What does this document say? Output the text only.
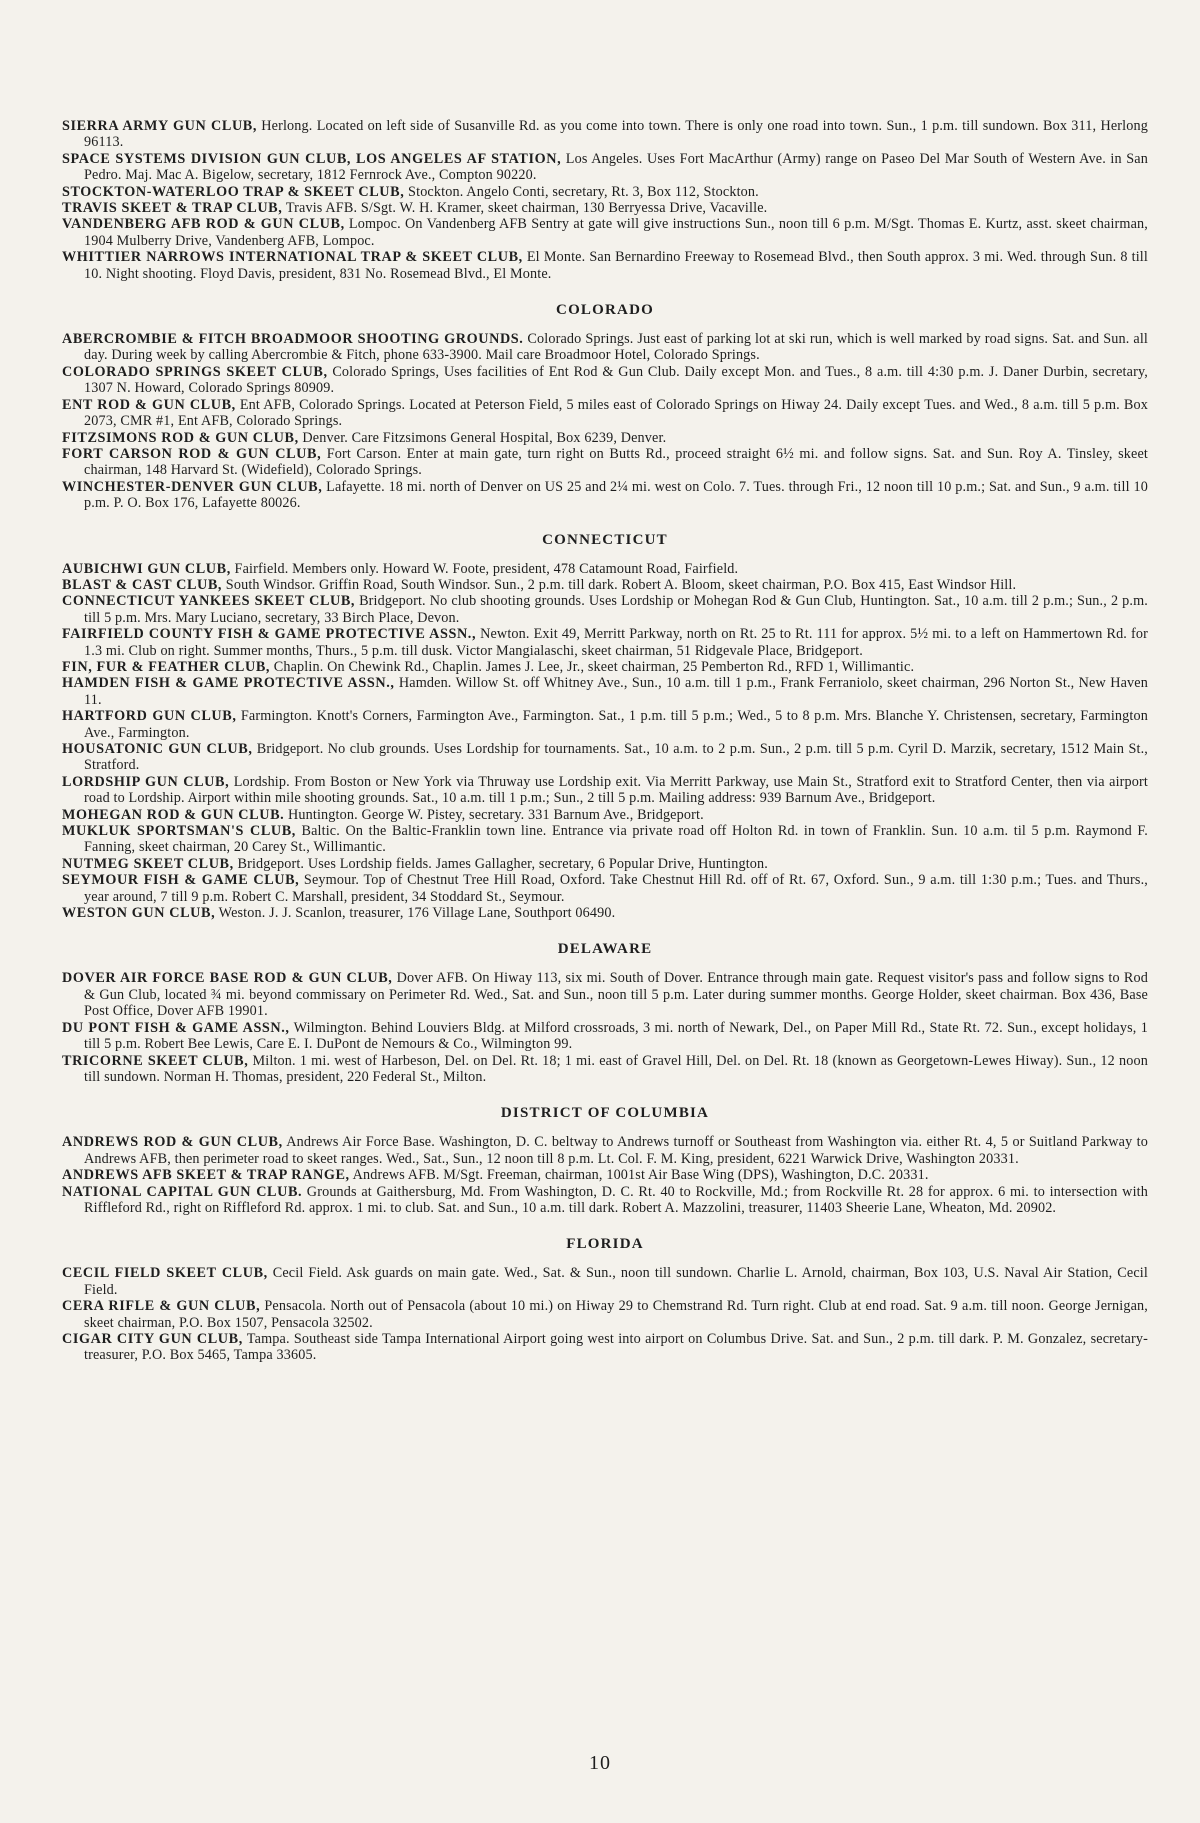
SIERRA ARMY GUN CLUB, Herlong. Located on left side of Susanville Rd. as you come into town. There is only one road into town. Sun., 1 p.m. till sundown. Box 311, Herlong 96113.

SPACE SYSTEMS DIVISION GUN CLUB, LOS ANGELES AF STATION, Los Angeles. Uses Fort MacArthur (Army) range on Paseo Del Mar South of Western Ave. in San Pedro. Maj. Mac A. Bigelow, secretary, 1812 Fernrock Ave., Compton 90220.

STOCKTON-WATERLOO TRAP & SKEET CLUB, Stockton. Angelo Conti, secretary, Rt. 3, Box 112, Stockton.

TRAVIS SKEET & TRAP CLUB, Travis AFB. S/Sgt. W. H. Kramer, skeet chairman, 130 Berryessa Drive, Vacaville.

VANDENBERG AFB ROD & GUN CLUB, Lompoc. On Vandenberg AFB Sentry at gate will give instructions Sun., noon till 6 p.m. M/Sgt. Thomas E. Kurtz, asst. skeet chairman, 1904 Mulberry Drive, Vandenberg AFB, Lompoc.

WHITTIER NARROWS INTERNATIONAL TRAP & SKEET CLUB, El Monte. San Bernardino Freeway to Rosemead Blvd., then South approx. 3 mi. Wed. through Sun. 8 till 10. Night shooting. Floyd Davis, president, 831 No. Rosemead Blvd., El Monte.

COLORADO

ABERCROMBIE & FITCH BROADMOOR SHOOTING GROUNDS. Colorado Springs. Just east of parking lot at ski run, which is well marked by road signs. Sat. and Sun. all day. During week by calling Abercrombie & Fitch, phone 633-3900. Mail care Broadmoor Hotel, Colorado Springs.

COLORADO SPRINGS SKEET CLUB, Colorado Springs, Uses facilities of Ent Rod & Gun Club. Daily except Mon. and Tues., 8 a.m. till 4:30 p.m. J. Daner Durbin, secretary, 1307 N. Howard, Colorado Springs 80909.

ENT ROD & GUN CLUB, Ent AFB, Colorado Springs. Located at Peterson Field, 5 miles east of Colorado Springs on Hiway 24. Daily except Tues. and Wed., 8 a.m. till 5 p.m. Box 2073, CMR #1, Ent AFB, Colorado Springs.

FITZSIMONS ROD & GUN CLUB, Denver. Care Fitzsimons General Hospital, Box 6239, Denver.

FORT CARSON ROD & GUN CLUB, Fort Carson. Enter at main gate, turn right on Butts Rd., proceed straight 6½ mi. and follow signs. Sat. and Sun. Roy A. Tinsley, skeet chairman, 148 Harvard St. (Widefield), Colorado Springs.

WINCHESTER-DENVER GUN CLUB, Lafayette. 18 mi. north of Denver on US 25 and 2¼ mi. west on Colo. 7. Tues. through Fri., 12 noon till 10 p.m.; Sat. and Sun., 9 a.m. till 10 p.m. P. O. Box 176, Lafayette 80026.

CONNECTICUT

AUBICHWI GUN CLUB, Fairfield. Members only. Howard W. Foote, president, 478 Catamount Road, Fairfield.

BLAST & CAST CLUB, South Windsor. Griffin Road, South Windsor. Sun., 2 p.m. till dark. Robert A. Bloom, skeet chairman, P.O. Box 415, East Windsor Hill.

CONNECTICUT YANKEES SKEET CLUB, Bridgeport. No club shooting grounds. Uses Lordship or Mohegan Rod & Gun Club, Huntington. Sat., 10 a.m. till 2 p.m.; Sun., 2 p.m. till 5 p.m. Mrs. Mary Luciano, secretary, 33 Birch Place, Devon.

FAIRFIELD COUNTY FISH & GAME PROTECTIVE ASSN., Newton. Exit 49, Merritt Parkway, north on Rt. 25 to Rt. 111 for approx. 5½ mi. to a left on Hammertown Rd. for 1.3 mi. Club on right. Summer months, Thurs., 5 p.m. till dusk. Victor Mangialaschi, skeet chairman, 51 Ridgevale Place, Bridgeport.

FIN, FUR & FEATHER CLUB, Chaplin. On Chewink Rd., Chaplin. James J. Lee, Jr., skeet chairman, 25 Pemberton Rd., RFD 1, Willimantic.

HAMDEN FISH & GAME PROTECTIVE ASSN., Hamden. Willow St. off Whitney Ave., Sun., 10 a.m. till 1 p.m., Frank Ferraniolo, skeet chairman, 296 Norton St., New Haven 11.

HARTFORD GUN CLUB, Farmington. Knott's Corners, Farmington Ave., Farmington. Sat., 1 p.m. till 5 p.m.; Wed., 5 to 8 p.m. Mrs. Blanche Y. Christensen, secretary, Farmington Ave., Farmington.

HOUSATONIC GUN CLUB, Bridgeport. No club grounds. Uses Lordship for tournaments. Sat., 10 a.m. to 2 p.m. Sun., 2 p.m. till 5 p.m. Cyril D. Marzik, secretary, 1512 Main St., Stratford.

LORDSHIP GUN CLUB, Lordship. From Boston or New York via Thruway use Lordship exit. Via Merritt Parkway, use Main St., Stratford exit to Stratford Center, then via airport road to Lordship. Airport within mile shooting grounds. Sat., 10 a.m. till 1 p.m.; Sun., 2 till 5 p.m. Mailing address: 939 Barnum Ave., Bridgeport.

MOHEGAN ROD & GUN CLUB. Huntington. George W. Pistey, secretary. 331 Barnum Ave., Bridgeport.

MUKLUK SPORTSMAN'S CLUB, Baltic. On the Baltic-Franklin town line. Entrance via private road off Holton Rd. in town of Franklin. Sun. 10 a.m. til 5 p.m. Raymond F. Fanning, skeet chairman, 20 Carey St., Willimantic.

NUTMEG SKEET CLUB, Bridgeport. Uses Lordship fields. James Gallagher, secretary, 6 Popular Drive, Huntington.

SEYMOUR FISH & GAME CLUB, Seymour. Top of Chestnut Tree Hill Road, Oxford. Take Chestnut Hill Rd. off of Rt. 67, Oxford. Sun., 9 a.m. till 1:30 p.m.; Tues. and Thurs., year around, 7 till 9 p.m. Robert C. Marshall, president, 34 Stoddard St., Seymour.

WESTON GUN CLUB, Weston. J. J. Scanlon, treasurer, 176 Village Lane, Southport 06490.

DELAWARE

DOVER AIR FORCE BASE ROD & GUN CLUB, Dover AFB. On Hiway 113, six mi. South of Dover. Entrance through main gate. Request visitor's pass and follow signs to Rod & Gun Club, located ¾ mi. beyond commissary on Perimeter Rd. Wed., Sat. and Sun., noon till 5 p.m. Later during summer months. George Holder, skeet chairman. Box 436, Base Post Office, Dover AFB 19901.

DU PONT FISH & GAME ASSN., Wilmington. Behind Louviers Bldg. at Milford crossroads, 3 mi. north of Newark, Del., on Paper Mill Rd., State Rt. 72. Sun., except holidays, 1 till 5 p.m. Robert Bee Lewis, Care E. I. DuPont de Nemours & Co., Wilmington 99.

TRICORNE SKEET CLUB, Milton. 1 mi. west of Harbeson, Del. on Del. Rt. 18; 1 mi. east of Gravel Hill, Del. on Del. Rt. 18 (known as Georgetown-Lewes Hiway). Sun., 12 noon till sundown. Norman H. Thomas, president, 220 Federal St., Milton.

DISTRICT OF COLUMBIA

ANDREWS ROD & GUN CLUB, Andrews Air Force Base. Washington, D. C. beltway to Andrews turnoff or Southeast from Washington via. either Rt. 4, 5 or Suitland Parkway to Andrews AFB, then perimeter road to skeet ranges. Wed., Sat., Sun., 12 noon till 8 p.m. Lt. Col. F. M. King, president, 6221 Warwick Drive, Washington 20331.

ANDREWS AFB SKEET & TRAP RANGE, Andrews AFB. M/Sgt. Freeman, chairman, 1001st Air Base Wing (DPS), Washington, D.C. 20331.

NATIONAL CAPITAL GUN CLUB. Grounds at Gaithersburg, Md. From Washington, D. C. Rt. 40 to Rockville, Md.; from Rockville Rt. 28 for approx. 6 mi. to intersection with Riffleford Rd., right on Riffleford Rd. approx. 1 mi. to club. Sat. and Sun., 10 a.m. till dark. Robert A. Mazzolini, treasurer, 11403 Sheerie Lane, Wheaton, Md. 20902.

FLORIDA

CECIL FIELD SKEET CLUB, Cecil Field. Ask guards on main gate. Wed., Sat. & Sun., noon till sundown. Charlie L. Arnold, chairman, Box 103, U.S. Naval Air Station, Cecil Field.

CERA RIFLE & GUN CLUB, Pensacola. North out of Pensacola (about 10 mi.) on Hiway 29 to Chemstrand Rd. Turn right. Club at end road. Sat. 9 a.m. till noon. George Jernigan, skeet chairman, P.O. Box 1507, Pensacola 32502.

CIGAR CITY GUN CLUB, Tampa. Southeast side Tampa International Airport going west into airport on Columbus Drive. Sat. and Sun., 2 p.m. till dark. P. M. Gonzalez, secretary-treasurer, P.O. Box 5465, Tampa 33605.

10
